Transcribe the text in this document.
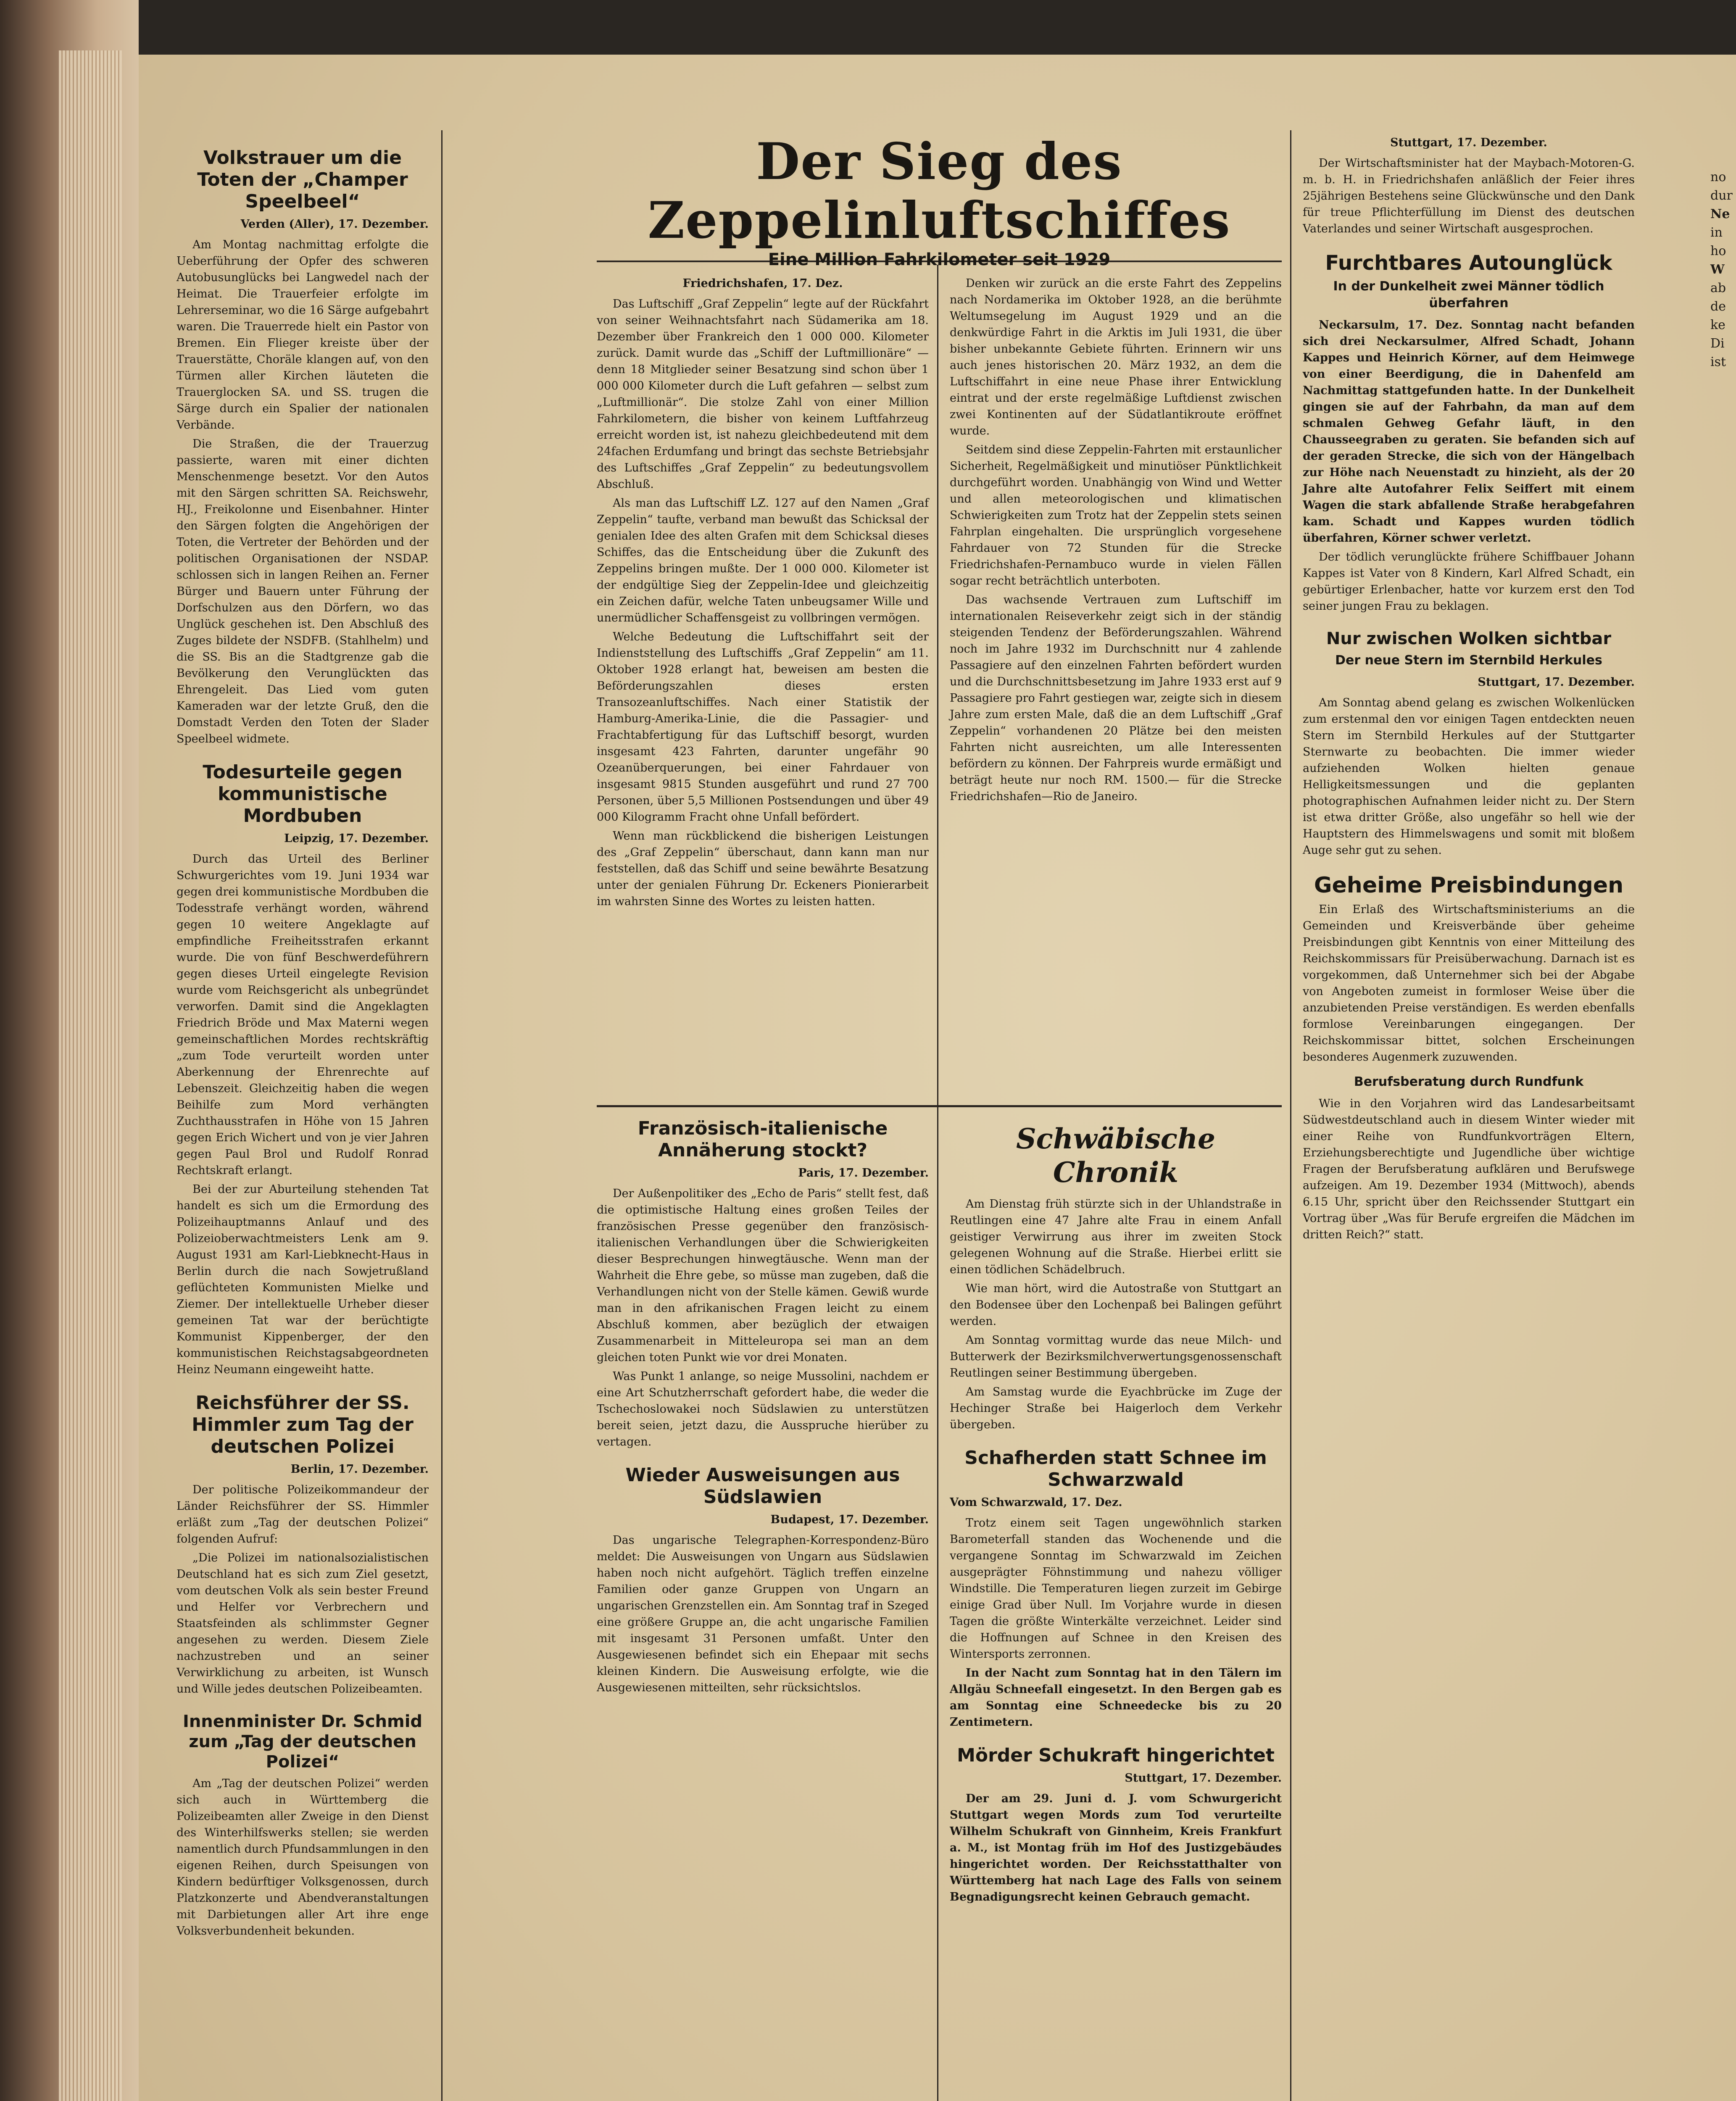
Der Sieg des Zeppelinluftschiffes
Eine Million Fahrkilometer seit 1929
Volkstrauer um die Toten der „Champer Speelbeel“
Verden (Aller), 17. Dezember.

Am Montag nachmittag erfolgte die Ueberführung der Opfer des schweren Autobusunglücks bei Langwedel nach der Heimat. Die Trauerfeier erfolgte im Lehrerseminar, wo die 16 Särge aufgebahrt waren. Die Trauerrede hielt ein Pastor von Bremen. Ein Flieger kreiste über der Trauerstätte, Choräle klangen auf, von den Türmen aller Kirchen läuteten die Trauerglocken SA. und SS. trugen die Särge durch ein Spalier der nationalen Verbände.

Die Straßen, die der Trauerzug passierte, waren mit einer dichten Menschenmenge besetzt. Vor den Autos mit den Särgen schritten SA. Reichswehr, HJ., Freikolonne und Eisenbahner. Hinter den Särgen folgten die Angehörigen der Toten, die Vertreter der Behörden und der politischen Organisationen der NSDAP. schlossen sich in langen Reihen an. Ferner Bürger und Bauern unter Führung der Dorfschulzen aus den Dörfern, wo das Unglück geschehen ist. Den Abschluß des Zuges bildete der NSDFB. (Stahlhelm) und die SS. Bis an die Stadtgrenze gab die Bevölkerung den Verunglückten das Ehrengeleit. Das Lied vom guten Kameraden war der letzte Gruß, den die Domstadt Verden den Toten der Slader Speelbeel widmete.

Todesurteile gegen kommunistische Mordbuben
Leipzig, 17. Dezember.

Durch das Urteil des Berliner Schwurgerichtes vom 19. Juni 1934 war gegen drei kommunistische Mordbuben die Todesstrafe verhängt worden, während gegen 10 weitere Angeklagte auf empfindliche Freiheitsstrafen erkannt wurde. Die von fünf Beschwerdeführern gegen dieses Urteil eingelegte Revision wurde vom Reichsgericht als unbegründet verworfen. Damit sind die Angeklagten Friedrich Bröde und Max Materni wegen gemeinschaftlichen Mordes rechtskräftig „zum Tode verurteilt worden unter Aberkennung der Ehrenrechte auf Lebenszeit. Gleichzeitig haben die wegen Beihilfe zum Mord verhängten Zuchthausstrafen in Höhe von 15 Jahren gegen Erich Wichert und von je vier Jahren gegen Paul Brol und Rudolf Ronrad Rechtskraft erlangt.

Bei der zur Aburteilung stehenden Tat handelt es sich um die Ermordung des Polizeihauptmanns Anlauf und des Polizeioberwachtmeisters Lenk am 9. August 1931 am Karl-Liebknecht-Haus in Berlin durch die nach Sowjetrußland geflüchteten Kommunisten Mielke und Ziemer. Der intellektuelle Urheber dieser gemeinen Tat war der berüchtigte Kommunist Kippenberger, der den kommunistischen Reichstagsabgeordneten Heinz Neumann eingeweiht hatte.

Reichsführer der SS. Himmler zum Tag der deutschen Polizei
Berlin, 17. Dezember.

Der politische Polizeikommandeur der Länder Reichsführer der SS. Himmler erläßt zum „Tag der deutschen Polizei“ folgenden Aufruf:

„Die Polizei im nationalsozialistischen Deutschland hat es sich zum Ziel gesetzt, vom deutschen Volk als sein bester Freund und Helfer vor Verbrechern und Staatsfeinden als schlimmster Gegner angesehen zu werden. Diesem Ziele nachzustreben und an seiner Verwirklichung zu arbeiten, ist Wunsch und Wille jedes deutschen Polizeibeamten.

Innenminister Dr. Schmid zum „Tag der deutschen Polizei“

Am „Tag der deutschen Polizei“ werden sich auch in Württemberg die Polizeibeamten aller Zweige in den Dienst des Winterhilfswerks stellen; sie werden namentlich durch Pfundsammlungen in den eigenen Reihen, durch Speisungen von Kindern bedürftiger Volksgenossen, durch Platzkonzerte und Abendveranstaltungen mit Darbietungen aller Art ihre enge Volksverbundenheit bekunden.

Friedrichshafen, 17. Dez.

Das Luftschiff „Graf Zeppelin“ legte auf der Rückfahrt von seiner Weihnachtsfahrt nach Südamerika am 18. Dezember über Frankreich den 1 000 000. Kilometer zurück. Damit wurde das „Schiff der Luftmillionäre“ — denn 18 Mitglieder seiner Besatzung sind schon über 1 000 000 Kilometer durch die Luft gefahren — selbst zum „Luftmillionär“. Die stolze Zahl von einer Million Fahrkilometern, die bisher von keinem Luftfahrzeug erreicht worden ist, ist nahezu gleichbedeutend mit dem 24fachen Erdumfang und bringt das sechste Betriebsjahr des Luftschiffes „Graf Zeppelin“ zu bedeutungsvollem Abschluß.

Als man das Luftschiff LZ. 127 auf den Namen „Graf Zeppelin“ taufte, verband man bewußt das Schicksal der genialen Idee des alten Grafen mit dem Schicksal dieses Schiffes, das die Entscheidung über die Zukunft des Zeppelins bringen mußte. Der 1 000 000. Kilometer ist der endgültige Sieg der Zeppelin-Idee und gleichzeitig ein Zeichen dafür, welche Taten unbeugsamer Wille und unermüdlicher Schaffensgeist zu vollbringen vermögen.

Welche Bedeutung die Luftschiffahrt seit der Indienststellung des Luftschiffs „Graf Zeppelin“ am 11. Oktober 1928 erlangt hat, beweisen am besten die Beförderungszahlen dieses ersten Transozeanluftschiffes. Nach einer Statistik der Hamburg-Amerika-Linie, die die Passagier- und Frachtabfertigung für das Luftschiff besorgt, wurden insgesamt 423 Fahrten, darunter ungefähr 90 Ozeanüberquerungen, bei einer Fahrdauer von insgesamt 9815 Stunden ausgeführt und rund 27 700 Personen, über 5,5 Millionen Postsendungen und über 49 000 Kilogramm Fracht ohne Unfall befördert.

Wenn man rückblickend die bisherigen Leistungen des „Graf Zeppelin“ überschaut, dann kann man nur feststellen, daß das Schiff und seine bewährte Besatzung unter der genialen Führung Dr. Eckeners Pionierarbeit im wahrsten Sinne des Wortes zu leisten hatten.

Französisch-italienische Annäherung stockt?
Paris, 17. Dezember.

Der Außenpolitiker des „Echo de Paris“ stellt fest, daß die optimistische Haltung eines großen Teiles der französischen Presse gegenüber den französisch-italienischen Verhandlungen über die Schwierigkeiten dieser Besprechungen hinwegtäusche. Wenn man der Wahrheit die Ehre gebe, so müsse man zugeben, daß die Verhandlungen nicht von der Stelle kämen. Gewiß wurde man in den afrikanischen Fragen leicht zu einem Abschluß kommen, aber bezüglich der etwaigen Zusammenarbeit in Mitteleuropa sei man an dem gleichen toten Punkt wie vor drei Monaten.

Was Punkt 1 anlange, so neige Mussolini, nachdem er eine Art Schutzherrschaft gefordert habe, die weder die Tschechoslowakei noch Südslawien zu unterstützen bereit seien, jetzt dazu, die Ausspruche hierüber zu vertagen.

Wieder Ausweisungen aus Südslawien
Budapest, 17. Dezember.

Das ungarische Telegraphen-Korrespondenz-Büro meldet: Die Ausweisungen von Ungarn aus Südslawien haben noch nicht aufgehört. Täglich treffen einzelne Familien oder ganze Gruppen von Ungarn an ungarischen Grenzstellen ein. Am Sonntag traf in Szeged eine größere Gruppe an, die acht ungarische Familien mit insgesamt 31 Personen umfaßt. Unter den Ausgewiesenen befindet sich ein Ehepaar mit sechs kleinen Kindern. Die Ausweisung erfolgte, wie die Ausgewiesenen mitteilten, sehr rücksichtslos.

Denken wir zurück an die erste Fahrt des Zeppelins nach Nordamerika im Oktober 1928, an die berühmte Weltumsegelung im August 1929 und an die denkwürdige Fahrt in die Arktis im Juli 1931, die über bisher unbekannte Gebiete führten. Erinnern wir uns auch jenes historischen 20. März 1932, an dem die Luftschiffahrt in eine neue Phase ihrer Entwicklung eintrat und der erste regelmäßige Luftdienst zwischen zwei Kontinenten auf der Südatlantikroute eröffnet wurde.

Seitdem sind diese Zeppelin-Fahrten mit erstaunlicher Sicherheit, Regelmäßigkeit und minutiöser Pünktlichkeit durchgeführt worden. Unabhängig von Wind und Wetter und allen meteorologischen und klimatischen Schwierigkeiten zum Trotz hat der Zeppelin stets seinen Fahrplan eingehalten. Die ursprünglich vorgesehene Fahrdauer von 72 Stunden für die Strecke Friedrichshafen-Pernambuco wurde in vielen Fällen sogar recht beträchtlich unterboten.

Das wachsende Vertrauen zum Luftschiff im internationalen Reiseverkehr zeigt sich in der ständig steigenden Tendenz der Beförderungszahlen. Während noch im Jahre 1932 im Durchschnitt nur 4 zahlende Passagiere auf den einzelnen Fahrten befördert wurden und die Durchschnittsbesetzung im Jahre 1933 erst auf 9 Passagiere pro Fahrt gestiegen war, zeigte sich in diesem Jahre zum ersten Male, daß die an dem Luftschiff „Graf Zeppelin“ vorhandenen 20 Plätze bei den meisten Fahrten nicht ausreichten, um alle Interessenten befördern zu können. Der Fahrpreis wurde ermäßigt und beträgt heute nur noch RM. 1500.— für die Strecke Friedrichshafen—Rio de Janeiro.

Schwäbische Chronik

Am Dienstag früh stürzte sich in der Uhlandstraße in Reutlingen eine 47 Jahre alte Frau in einem Anfall geistiger Verwirrung aus ihrer im zweiten Stock gelegenen Wohnung auf die Straße. Hierbei erlitt sie einen tödlichen Schädelbruch.

Wie man hört, wird die Autostraße von Stuttgart an den Bodensee über den Lochenpaß bei Balingen geführt werden.

Am Sonntag vormittag wurde das neue Milch- und Butterwerk der Bezirksmilchverwertungsgenossenschaft Reutlingen seiner Bestimmung übergeben.

Am Samstag wurde die Eyachbrücke im Zuge der Hechinger Straße bei Haigerloch dem Verkehr übergeben.

Schafherden statt Schnee im Schwarzwald
Vom Schwarzwald, 17. Dez.

Trotz einem seit Tagen ungewöhnlich starken Barometerfall standen das Wochenende und die vergangene Sonntag im Schwarzwald im Zeichen ausgeprägter Föhnstimmung und nahezu völliger Windstille. Die Temperaturen liegen zurzeit im Gebirge einige Grad über Null. Im Vorjahre wurde in diesen Tagen die größte Winterkälte verzeichnet. Leider sind die Hoffnungen auf Schnee in den Kreisen des Wintersports zerronnen.

In der Nacht zum Sonntag hat in den Tälern im Allgäu Schneefall eingesetzt. In den Bergen gab es am Sonntag eine Schneedecke bis zu 20 Zentimetern.

Mörder Schukraft hingerichtet
Stuttgart, 17. Dezember.

Der am 29. Juni d. J. vom Schwurgericht Stuttgart wegen Mords zum Tod verurteilte Wilhelm Schukraft von Ginnheim, Kreis Frankfurt a. M., ist Montag früh im Hof des Justizgebäudes hingerichtet worden. Der Reichsstatthalter von Württemberg hat nach Lage des Falls von seinem Begnadigungsrecht keinen Gebrauch gemacht.

Stuttgart, 17. Dezember.

Der Wirtschaftsminister hat der Maybach-Motoren-G. m. b. H. in Friedrichshafen anläßlich der Feier ihres 25jährigen Bestehens seine Glückwünsche und den Dank für treue Pflichterfüllung im Dienst des deutschen Vaterlandes und seiner Wirtschaft ausgesprochen.

Furchtbares Autounglück
In der Dunkelheit zwei Männer tödlich überfahren

Neckarsulm, 17. Dez. Sonntag nacht befanden sich drei Neckarsulmer, Alfred Schadt, Johann Kappes und Heinrich Körner, auf dem Heimwege von einer Beerdigung, die in Dahenfeld am Nachmittag stattgefunden hatte. In der Dunkelheit gingen sie auf der Fahrbahn, da man auf dem schmalen Gehweg Gefahr läuft, in den Chausseegraben zu geraten. Sie befanden sich auf der geraden Strecke, die sich von der Hängelbach zur Höhe nach Neuenstadt zu hinzieht, als der 20 Jahre alte Autofahrer Felix Seiffert mit einem Wagen die stark abfallende Straße herabgefahren kam. Schadt und Kappes wurden tödlich überfahren, Körner schwer verletzt.

Der tödlich verunglückte frühere Schiffbauer Johann Kappes ist Vater von 8 Kindern, Karl Alfred Schadt, ein gebürtiger Erlenbacher, hatte vor kurzem erst den Tod seiner jungen Frau zu beklagen.

Nur zwischen Wolken sichtbar
Der neue Stern im Sternbild Herkules
Stuttgart, 17. Dezember.

Am Sonntag abend gelang es zwischen Wolkenlücken zum erstenmal den vor einigen Tagen entdeckten neuen Stern im Sternbild Herkules auf der Stuttgarter Sternwarte zu beobachten. Die immer wieder aufziehenden Wolken hielten genaue Helligkeitsmessungen und die geplanten photographischen Aufnahmen leider nicht zu. Der Stern ist etwa dritter Größe, also ungefähr so hell wie der Hauptstern des Himmelswagens und somit mit bloßem Auge sehr gut zu sehen.

Geheime Preisbindungen

Ein Erlaß des Wirtschaftsministeriums an die Gemeinden und Kreisverbände über geheime Preisbindungen gibt Kenntnis von einer Mitteilung des Reichskommissars für Preisüberwachung. Darnach ist es vorgekommen, daß Unternehmer sich bei der Abgabe von Angeboten zumeist in formloser Weise über die anzubietenden Preise verständigen. Es werden ebenfalls formlose Vereinbarungen eingegangen. Der Reichskommissar bittet, solchen Erscheinungen besonderes Augenmerk zuzuwenden.

Berufsberatung durch Rundfunk

Wie in den Vorjahren wird das Landesarbeitsamt Südwestdeutschland auch in diesem Winter wieder mit einer Reihe von Rundfunkvorträgen Eltern, Erziehungsberechtigte und Jugendliche über wichtige Fragen der Berufsberatung aufklären und Berufswege aufzeigen. Am 19. Dezember 1934 (Mittwoch), abends 6.15 Uhr, spricht über den Reichssender Stuttgart ein Vortrag über „Was für Berufe ergreifen die Mädchen im dritten Reich?“ statt.

no
dur
Ne
in
ho
W
ab
de
ke
Di
ist
